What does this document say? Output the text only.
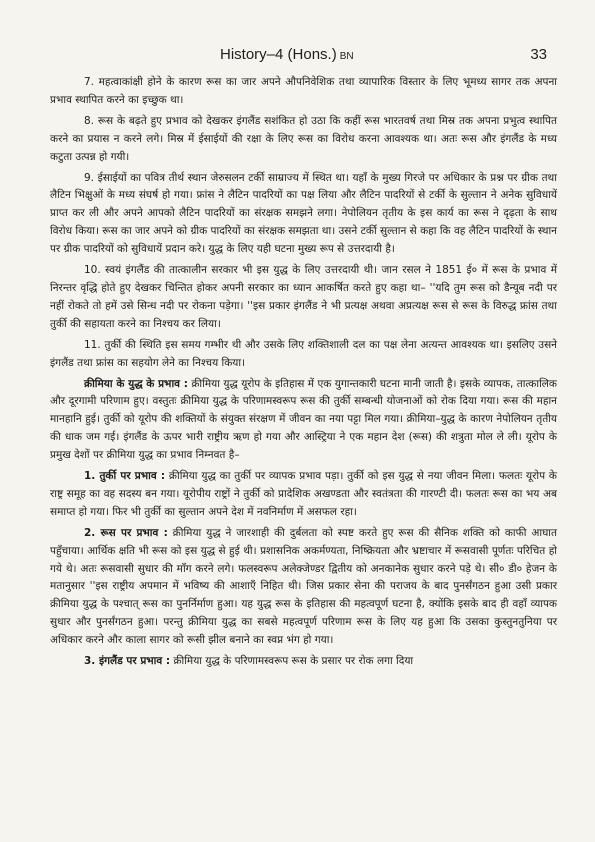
History–4 (Hons.) BN	33

7. महत्वाकांक्षी होने के कारण रूस का जार अपने औपनिवेशिक तथा व्यापारिक विस्तार के लिए भूमध्य सागर तक अपना प्रभाव स्थापित करने का इच्छुक था।

8. रूस के बढ़ते हुए प्रभाव को देखकर इंगलैंड सशंकित हो उठा कि कहीं रूस भारतवर्ष तथा मिस्र तक अपना प्रभुत्व स्थापित करने का प्रयास न करने लगे। मिस्र में ईसाईयों की रक्षा के लिए रूस का विरोध करना आवश्यक था। अतः रूस और इंगलैंड के मध्य कटुता उत्पन्न हो गयी।

9. ईसाईयों का पवित्र तीर्थ स्थान जेरुसलन टर्की साम्राज्य में स्थित था। यहाँ के मुख्य गिरजे पर अधिकार के प्रश्न पर ग्रीक तथा लैटिन भिक्षुओं के मध्य संघर्ष हो गया। फ्रांस ने लैटिन पादरियों का पक्ष लिया और लैटिन पादरियों से टर्की के सुल्तान ने अनेक सुविधायें प्राप्त कर ली और अपने आपको लैटिन पादरियों का संरक्षक समझने लगा। नेपोलियन तृतीय के इस कार्य का रूस ने दृढ़ता के साथ विरोध किया। रूस का जार अपने को ग्रीक पादरियों का संरक्षक समझता था। उसने टर्की सुल्तान से कहा कि वह लैटिन पादरियों के स्थान पर ग्रीक पादरियों को सुविधायें प्रदान करे। युद्ध के लिए यही घटना मुख्य रूप से उत्तरदायी है।

10. स्वयं इंगलैंड की तात्कालीन सरकार भी इस युद्ध के लिए उत्तरदायी थी। जान रसल ने 1851 ई० में रूस के प्रभाव में निरन्तर वृद्धि होते हुए देखकर चिन्तित होकर अपनी सरकार का ध्यान आकर्षित करते हुए कहा था– ''यदि तुम रूस को डैन्यूब नदी पर नहीं रोकते तो हमें उसे सिन्ध नदी पर रोकना पड़ेगा। ''इस प्रकार इंगलैंड ने भी प्रत्यक्ष अथवा अप्रत्यक्ष रूस से रूस के विरुद्ध फ्रांस तथा तुर्की की सहायता करने का निश्चय कर लिया।

11. तुर्की की स्थिति इस समय गम्भीर थी और उसके लिए शक्तिशाली दल का पक्ष लेना अत्यन्त आवश्यक था। इसलिए उसने इंगलैंड तथा फ्रांस का सहयोग लेने का निश्चय किया।

क्रीमिया के युद्ध के प्रभाव : क्रीमिया युद्ध यूरोप के इतिहास में एक युगान्तकारी घटना मानी जाती है। इसके व्यापक, तात्कालिक और दूरगामी परिणाम हुए। वस्तुतः क्रीमिया युद्ध के परिणामस्वरूप रूस की तुर्की सम्बन्धी योजनाओं को रोक दिया गया। रूस की महान मानहानि हुई। तुर्की को यूरोप की शक्तियों के संयुक्त संरक्षण में जीवन का नया पट्टा मिल गया। क्रीमिया–युद्ध के कारण नेपोलियन तृतीय की धाक जम गई। इंगलैंड के ऊपर भारी राष्ट्रीय ऋण हो गया और आस्ट्रिया ने एक महान देश (रूस) की शत्रुता मोल ले ली। यूरोप के प्रमुख देशों पर क्रीमिया युद्ध का प्रभाव निम्नवत है–

1. तुर्की पर प्रभाव : क्रीमिया युद्ध का तुर्की पर व्यापक प्रभाव पड़ा। तुर्की को इस युद्ध से नया जीवन मिला। फलतः यूरोप के राष्ट्र समूह का वह सदस्य बन गया। यूरोपीय राष्ट्रों ने तुर्की को प्रादेशिक अखण्डता और स्वतंत्रता की गारण्टी दी। फलतः रूस का भय अब समाप्त हो गया। फिर भी तुर्की का सुल्तान अपने देश में नवनिर्माण में असफल रहा।

2. रूस पर प्रभाव : क्रीमिया युद्ध ने जारशाही की दुर्बलता को स्पष्ट करते हुए रूस की सैनिक शक्ति को काफी आघात पहुँचाया। आर्थिक क्षति भी रूस को इस युद्ध से हुई थी। प्रशासनिक अकर्मण्यता, निष्क्रियता और भ्रष्टाचार में रूसवासी पूर्णतः परिचित हो गये थे। अतः रूसवासी सुधार की माँग करने लगे। फलस्वरूप अलेक्जेण्डर द्वितीय को अनकानेक सुधार करने पड़े थे। सी० डी० हेजन के मतानुसार ''इस राष्ट्रीय अपमान में भविष्य की आशाएँ निहित थी। जिस प्रकार सेना की पराजय के बाद पुनर्संगठन हुआ उसी प्रकार क्रीमिया युद्ध के पश्चात् रूस का पुनर्निर्माण हुआ। यह युद्ध रूस के इतिहास की महत्वपूर्ण घटना है, क्योंकि इसके बाद ही वहाँ व्यापक सुधार और पुनर्संगठन हुआ। परन्तु क्रीमिया युद्ध का सबसे महत्वपूर्ण परिणाम रूस के लिए यह हुआ कि उसका कुस्तुनतुनिया पर अधिकार करने और काला सागर को रूसी झील बनाने का स्वप्न भंग हो गया।

3. इंगलैंड पर प्रभाव : क्रीमिया युद्ध के परिणामस्वरूप रूस के प्रसार पर रोक लगा दिया
